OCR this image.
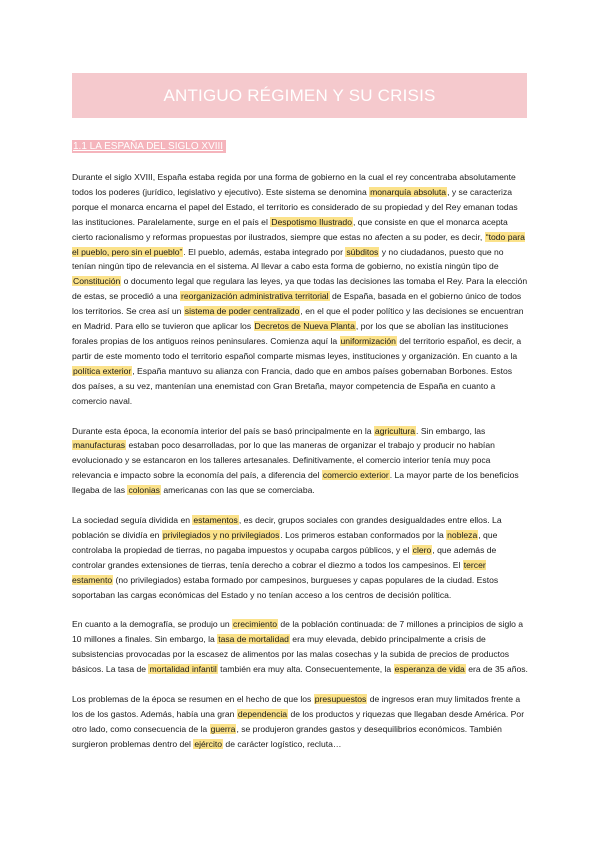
ANTIGUO RÉGIMEN Y SU CRISIS
1.1 LA ESPAÑA DEL SIGLO XVIII

Durante el siglo XVIII, España estaba regida por una forma de gobierno en la cual el rey concentraba absolutamente todos los poderes (jurídico, legislativo y ejecutivo). Este sistema se denomina monarquía absoluta, y se caracteriza porque el monarca encarna el papel del Estado, el territorio es considerado de su propiedad y del Rey emanan todas las instituciones. Paralelamente, surge en el país el Despotismo Ilustrado, que consiste en que el monarca acepta cierto racionalismo y reformas propuestas por ilustrados, siempre que estas no afecten a su poder, es decir, “todo para el pueblo, pero sin el pueblo”. El pueblo, además, estaba integrado por súbditos y no ciudadanos, puesto que no tenían ningún tipo de relevancia en el sistema. Al llevar a cabo esta forma de gobierno, no existía ningún tipo de Constitución o documento legal que regulara las leyes, ya que todas las decisiones las tomaba el Rey. Para la elección de estas, se procedió a una reorganización administrativa territorial de España, basada en el gobierno único de todos los territorios. Se crea así un sistema de poder centralizado, en el que el poder político y las decisiones se encuentran en Madrid. Para ello se tuvieron que aplicar los Decretos de Nueva Planta, por los que se abolían las instituciones forales propias de los antiguos reinos peninsulares. Comienza aquí la uniformización del territorio español, es decir, a partir de este momento todo el territorio español comparte mismas leyes, instituciones y organización. En cuanto a la política exterior, España mantuvo su alianza con Francia, dado que en ambos países gobernaban Borbones. Estos dos países, a su vez, mantenían una enemistad con Gran Bretaña, mayor competencia de España en cuanto a comercio naval.

Durante esta época, la economía interior del país se basó principalmente en la agricultura. Sin embargo, las manufacturas estaban poco desarrolladas, por lo que las maneras de organizar el trabajo y producir no habían evolucionado y se estancaron en los talleres artesanales. Definitivamente, el comercio interior tenía muy poca relevancia e impacto sobre la economía del país, a diferencia del comercio exterior. La mayor parte de los beneficios llegaba de las colonias americanas con las que se comerciaba.

La sociedad seguía dividida en estamentos, es decir, grupos sociales con grandes desigualdades entre ellos. La población se dividía en privilegiados y no privilegiados. Los primeros estaban conformados por la nobleza, que controlaba la propiedad de tierras, no pagaba impuestos y ocupaba cargos públicos, y el clero, que además de controlar grandes extensiones de tierras, tenía derecho a cobrar el diezmo a todos los campesinos. El tercer estamento (no privilegiados) estaba formado por campesinos, burgueses y capas populares de la ciudad. Estos soportaban las cargas económicas del Estado y no tenían acceso a los centros de decisión política.

En cuanto a la demografía, se produjo un crecimiento de la población continuada: de 7 millones a principios de siglo a 10 millones a finales. Sin embargo, la tasa de mortalidad era muy elevada, debido principalmente a crisis de subsistencias provocadas por la escasez de alimentos por las malas cosechas y la subida de precios de productos básicos. La tasa de mortalidad infantil también era muy alta. Consecuentemente, la esperanza de vida era de 35 años.

Los problemas de la época se resumen en el hecho de que los presupuestos de ingresos eran muy limitados frente a los de los gastos. Además, había una gran dependencia de los productos y riquezas que llegaban desde América. Por otro lado, como consecuencia de la guerra, se produjeron grandes gastos y desequilibrios económicos. También surgieron problemas dentro del ejército de carácter logístico, recluta…
